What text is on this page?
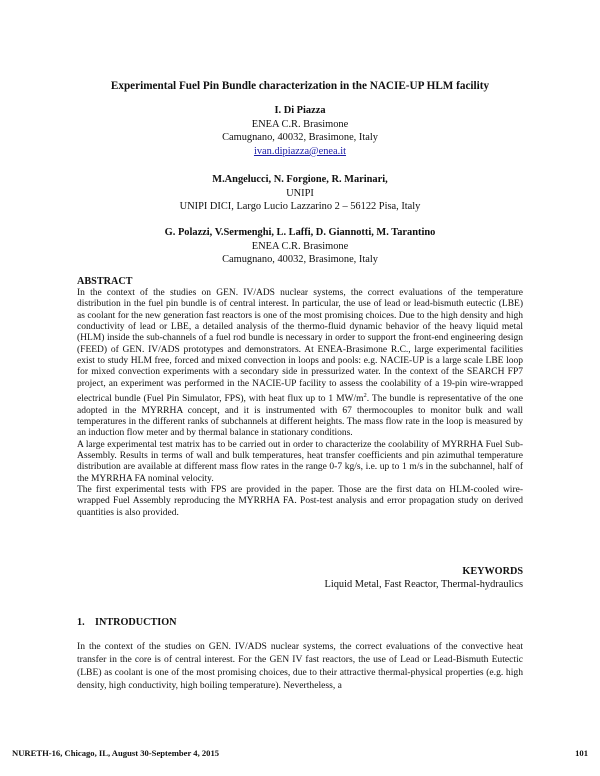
Experimental Fuel Pin Bundle characterization in the NACIE-UP HLM facility
I. Di Piazza
ENEA C.R. Brasimone
Camugnano, 40032, Brasimone, Italy
ivan.dipiazza@enea.it
M.Angelucci, N. Forgione, R. Marinari,
UNIPI
UNIPI DICI, Largo Lucio Lazzarino 2 – 56122 Pisa, Italy
G. Polazzi, V.Sermenghi, L. Laffi, D. Giannotti, M. Tarantino
ENEA C.R. Brasimone
Camugnano, 40032, Brasimone, Italy
ABSTRACT

In the context of the studies on GEN. IV/ADS nuclear systems, the correct evaluations of the temperature distribution in the fuel pin bundle is of central interest. In particular, the use of lead or lead-bismuth eutectic (LBE) as coolant for the new generation fast reactors is one of the most promising choices. Due to the high density and high conductivity of lead or LBE, a detailed analysis of the thermo-fluid dynamic behavior of the heavy liquid metal (HLM) inside the sub-channels of a fuel rod bundle is necessary in order to support the front-end engineering design (FEED) of GEN. IV/ADS prototypes and demonstrators. At ENEA-Brasimone R.C., large experimental facilities exist to study HLM free, forced and mixed convection in loops and pools: e.g. NACIE-UP is a large scale LBE loop for mixed convection experiments with a secondary side in pressurized water. In the context of the SEARCH FP7 project, an experiment was performed in the NACIE-UP facility to assess the coolability of a 19-pin wire-wrapped electrical bundle (Fuel Pin Simulator, FPS), with heat flux up to 1 $MW/m^2$. The bundle is representative of the one adopted in the MYRRHA concept, and it is instrumented with 67 thermocouples to monitor bulk and wall temperatures in the different ranks of subchannels at different heights. The mass flow rate in the loop is measured by an induction flow meter and by thermal balance in stationary conditions.

A large experimental test matrix has to be carried out in order to characterize the coolability of MYRRHA Fuel Sub-Assembly. Results in terms of wall and bulk temperatures, heat transfer coefficients and pin azimuthal temperature distribution are available at different mass flow rates in the range 0-7 kg/s, i.e. up to 1 m/s in the subchannel, half of the MYRRHA FA nominal velocity.

The first experimental tests with FPS are provided in the paper. Those are the first data on HLM-cooled wire-wrapped Fuel Assembly reproducing the MYRRHA FA. Post-test analysis and error propagation study on derived quantities is also provided.

KEYWORDS
Liquid Metal, Fast Reactor, Thermal-hydraulics
1. INTRODUCTION

In the context of the studies on GEN. IV/ADS nuclear systems, the correct evaluations of the convective heat transfer in the core is of central interest. For the GEN IV fast reactors, the use of Lead or Lead-Bismuth Eutectic (LBE) as coolant is one of the most promising choices, due to their attractive thermal-physical properties (e.g. high density, high conductivity, high boiling temperature). Nevertheless, a

NURETH-16, Chicago, IL, August 30-September 4, 2015	101
